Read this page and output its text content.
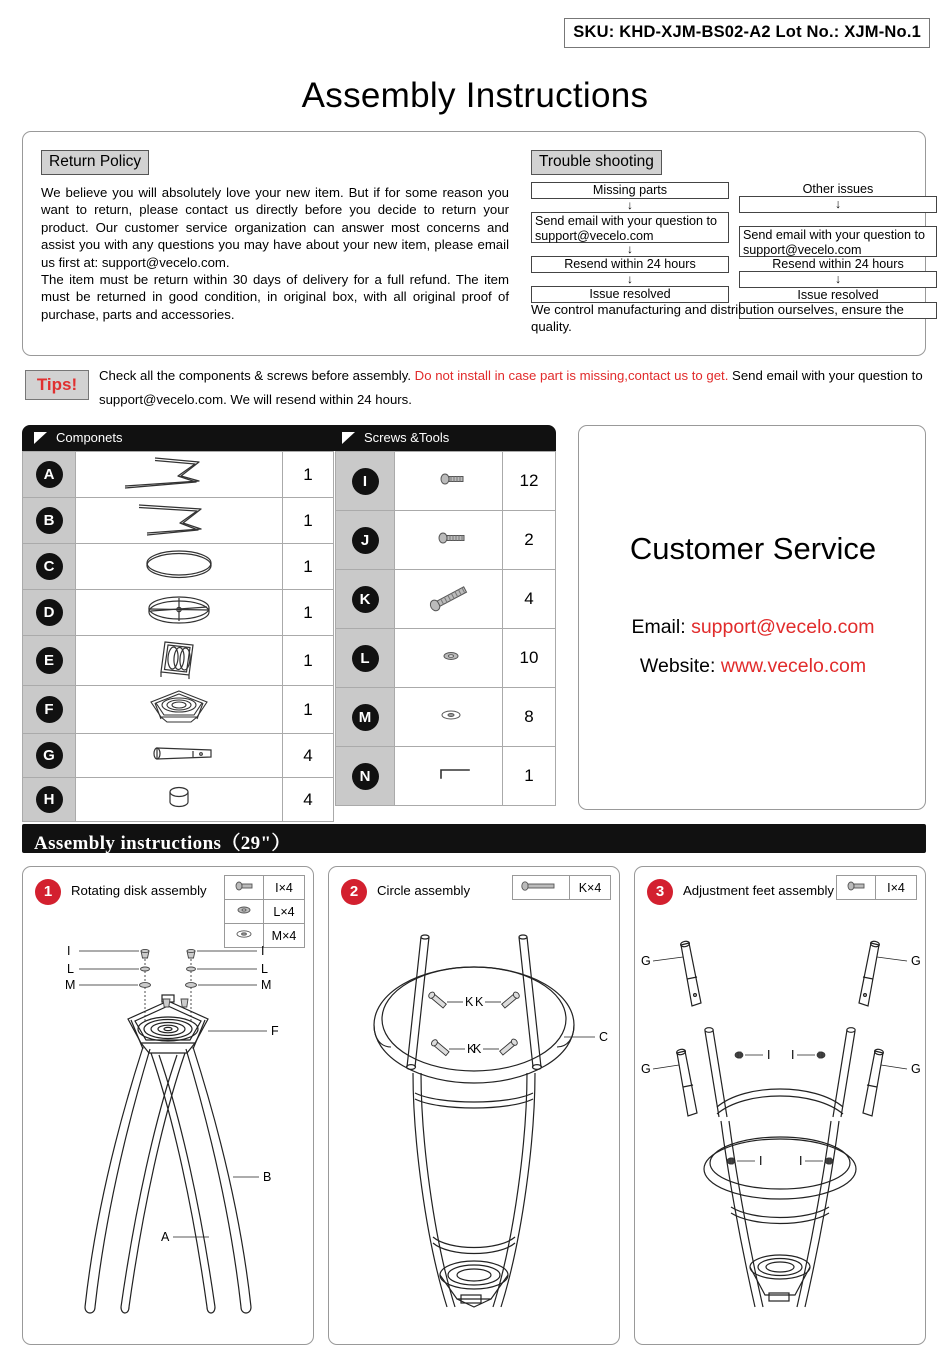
SKU: KHD-XJM-BS02-A2 Lot No.: XJM-No.1
Assembly Instructions
Return Policy

We believe you will absolutely love your new item. But if for some reason you want to return, please contact us directly before you decide to return your product. Our customer service organization can answer most concerns and assist you with any questions you may have about your new item, please email us first at: support@vecelo.com.

The item must be return within 30 days of delivery for a full refund. The item must be returned in good condition, in original box, with all original proof of purchase, parts and accessories.

Trouble shooting
Missing parts
↓
Send email with your question to support@vecelo.com
↓
Resend within 24 hours
↓
Issue resolved
Other issues
↓

Send email with your question to support@vecelo.com
Resend within 24 hours
↓
Issue resolved
We control manufacturing and distribution ourselves, ensure the quality.
Tips!	Check all the components & screws before assembly. Do not install in case part is missing,contact us to get. Send email with your question to support@vecelo.com. We will resend within 24 hours.
Componets	Screws &Tools
A		1
B		1
C		1
D		1
E		1
F		1
G		4
H		4
I		12
J		2
K		4
L		10
M		8
N		1
Customer Service
Email: support@vecelo.com
Website: www.vecelo.com
Assembly instructions（29"）
1	Rotating disk assembly
		I×4
	L×4
	M×4
I
L
M
I
L
M
F
B
A
2	Circle assembly
		K×4
K K
K
K
C
3	Adjustment feet assembly
		I×4
G	G
G	G
I I
I	I
